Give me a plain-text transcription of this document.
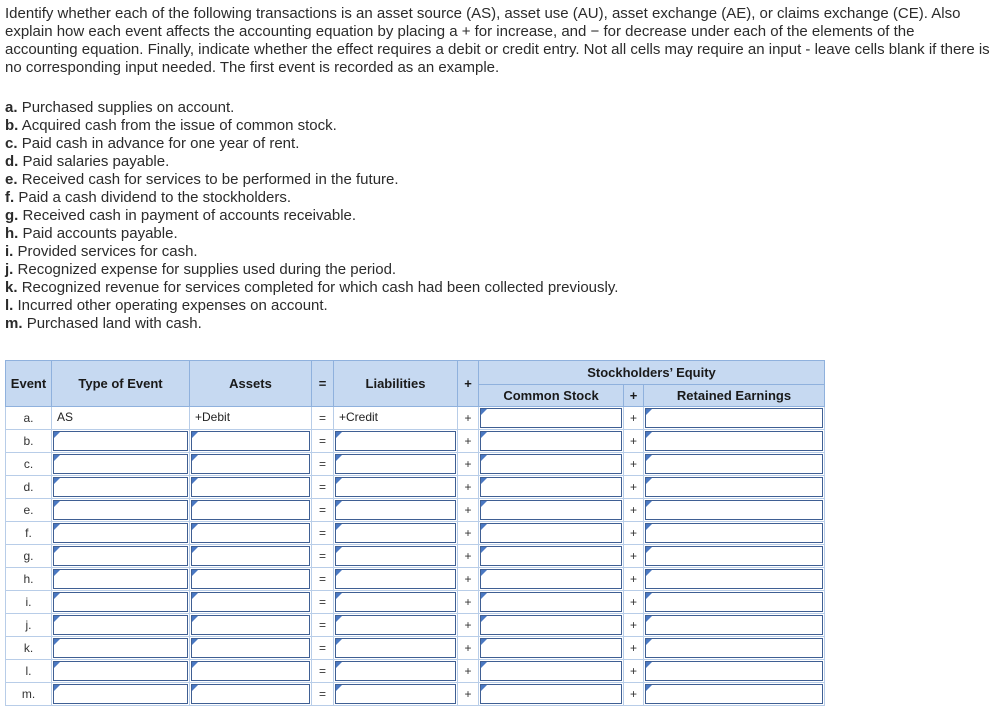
Identify whether each of the following transactions is an asset source (AS), asset use (AU), asset exchange (AE), or claims exchange (CE). Also explain how each event affects the accounting equation by placing a + for increase, and − for decrease under each of the elements of the accounting equation. Finally, indicate whether the effect requires a debit or credit entry. Not all cells may require an input - leave cells blank if there is no corresponding input needed. The first event is recorded as an example.
a. Purchased supplies on account.
b. Acquired cash from the issue of common stock.
c. Paid cash in advance for one year of rent.
d. Paid salaries payable.
e. Received cash for services to be performed in the future.
f. Paid a cash dividend to the stockholders.
g. Received cash in payment of accounts receivable.
h. Paid accounts payable.
i. Provided services for cash.
j. Recognized expense for supplies used during the period.
k. Recognized revenue for services completed for which cash had been collected previously.
l. Incurred other operating expenses on account.
m. Purchased land with cash.
Event	Type of Event	Assets	=	Liabilities	+	Stockholders’ Equity		
						Common Stock	+	Retained Earnings
a.	AS	+Debit	=	+Credit	+		+	

b.			=		+		+	

c.			=		+		+	

d.			=		+		+	

e.			=		+		+	

f.			=		+		+	

g.			=		+		+	

h.			=		+		+	

i.			=		+		+	

j.			=		+		+	

k.			=		+		+	

l.			=		+		+	

m.			=		+		+	
